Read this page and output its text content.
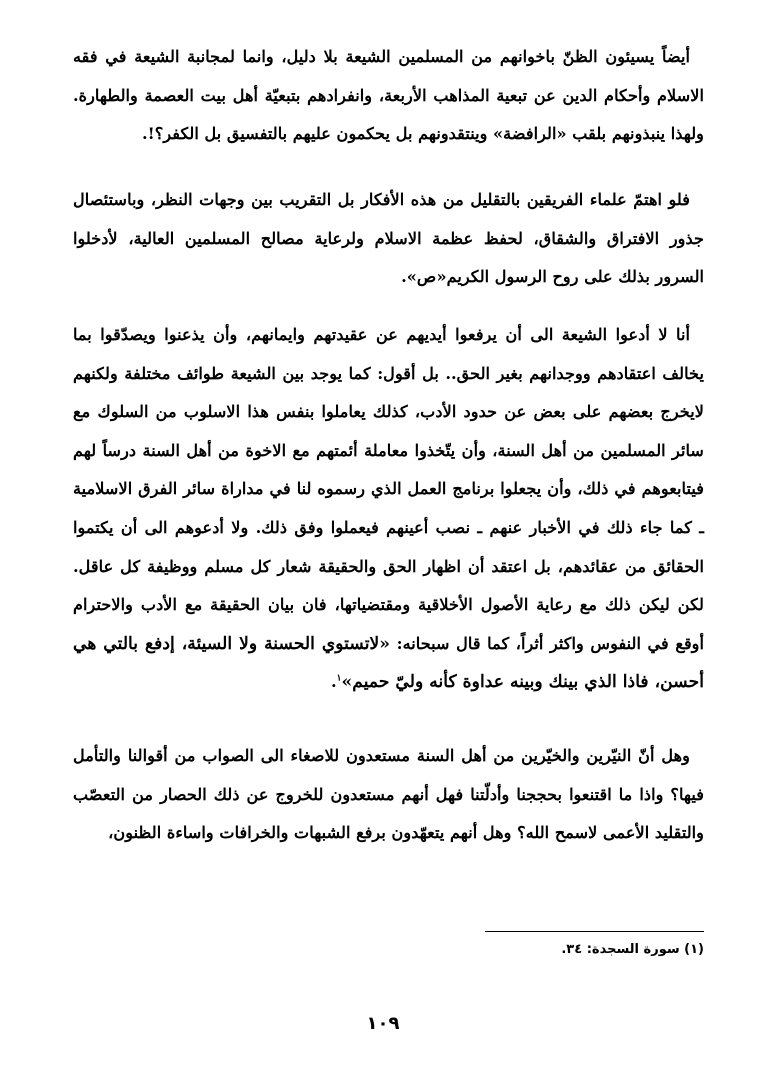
أيضاً يسيئون الظنّ باخوانهم من المسلمين الشيعة بلا دليل، وانما لمجانبة الشيعة في فقه الاسلام وأحكام الدين عن تبعية المذاهب الأربعة، وانفرادهم بتبعيّة أهل بيت العصمة والطهارة. ولهذا ينبذونهم بلقب «الرافضة» وينتقدونهم بل يحكمون عليهم بالتفسيق بل الكفر؟!.

فلو اهتمّ علماء الفريقين بالتقليل من هذه الأفكار بل التقريب بين وجهات النظر، وباستئصال جذور الافتراق والشقاق، لحفظ عظمة الاسلام ولرعاية مصالح المسلمين العالية، لأدخلوا السرور بذلك على روح الرسول الكريم«ص».

أنا لا أدعوا الشيعة الى أن يرفعوا أيديهم عن عقيدتهم وايمانهم، وأن يذعنوا ويصدّقوا بما يخالف اعتقادهم ووجدانهم بغير الحق.. بل أقول: كما يوجد بين الشيعة طوائف مختلفة ولكنهم لايخرج بعضهم على بعض عن حدود الأدب، كذلك يعاملوا بنفس هذا الاسلوب من السلوك مع سائر المسلمين من أهل السنة، وأن يتّخذوا معاملة أئمتهم مع الاخوة من أهل السنة درساً لهم فيتابعوهم في ذلك، وأن يجعلوا برنامج العمل الذي رسموه لنا في مداراة سائر الفرق الاسلامية ـ كما جاء ذلك في الأخبار عنهم ـ نصب أعينهم فيعملوا وفق ذلك. ولا أدعوهم الى أن يكتموا الحقائق من عقائدهم، بل اعتقد أن اظهار الحق والحقيقة شعار كل مسلم ووظيفة كل عاقل. لكن ليكن ذلك مع رعاية الأصول الأخلاقية ومقتضياتها، فان بيان الحقيقة مع الأدب والاحترام أوقع في النفوس واكثر أثراً، كما قال سبحانه: «لاتستوي الحسنة ولا السيئة، إدفع بالتي هي أحسن، فاذا الذي بينك وبينه عداوة كأنه وليّ حميم»$^١$.

وهل أنّ النيّرين والخيّرين من أهل السنة مستعدون للاصغاء الى الصواب من أقوالنا والتأمل فيها؟ واذا ما اقتنعوا بحججنا وأدلّتنا فهل أنهم مستعدون للخروج عن ذلك الحصار من التعصّب والتقليد الأعمى لاسمح الله؟ وهل أنهم يتعهّدون برفع الشبهات والخرافات واساءة الظنون،

(١) سورة السجدة: ٣٤.
١٠٩
